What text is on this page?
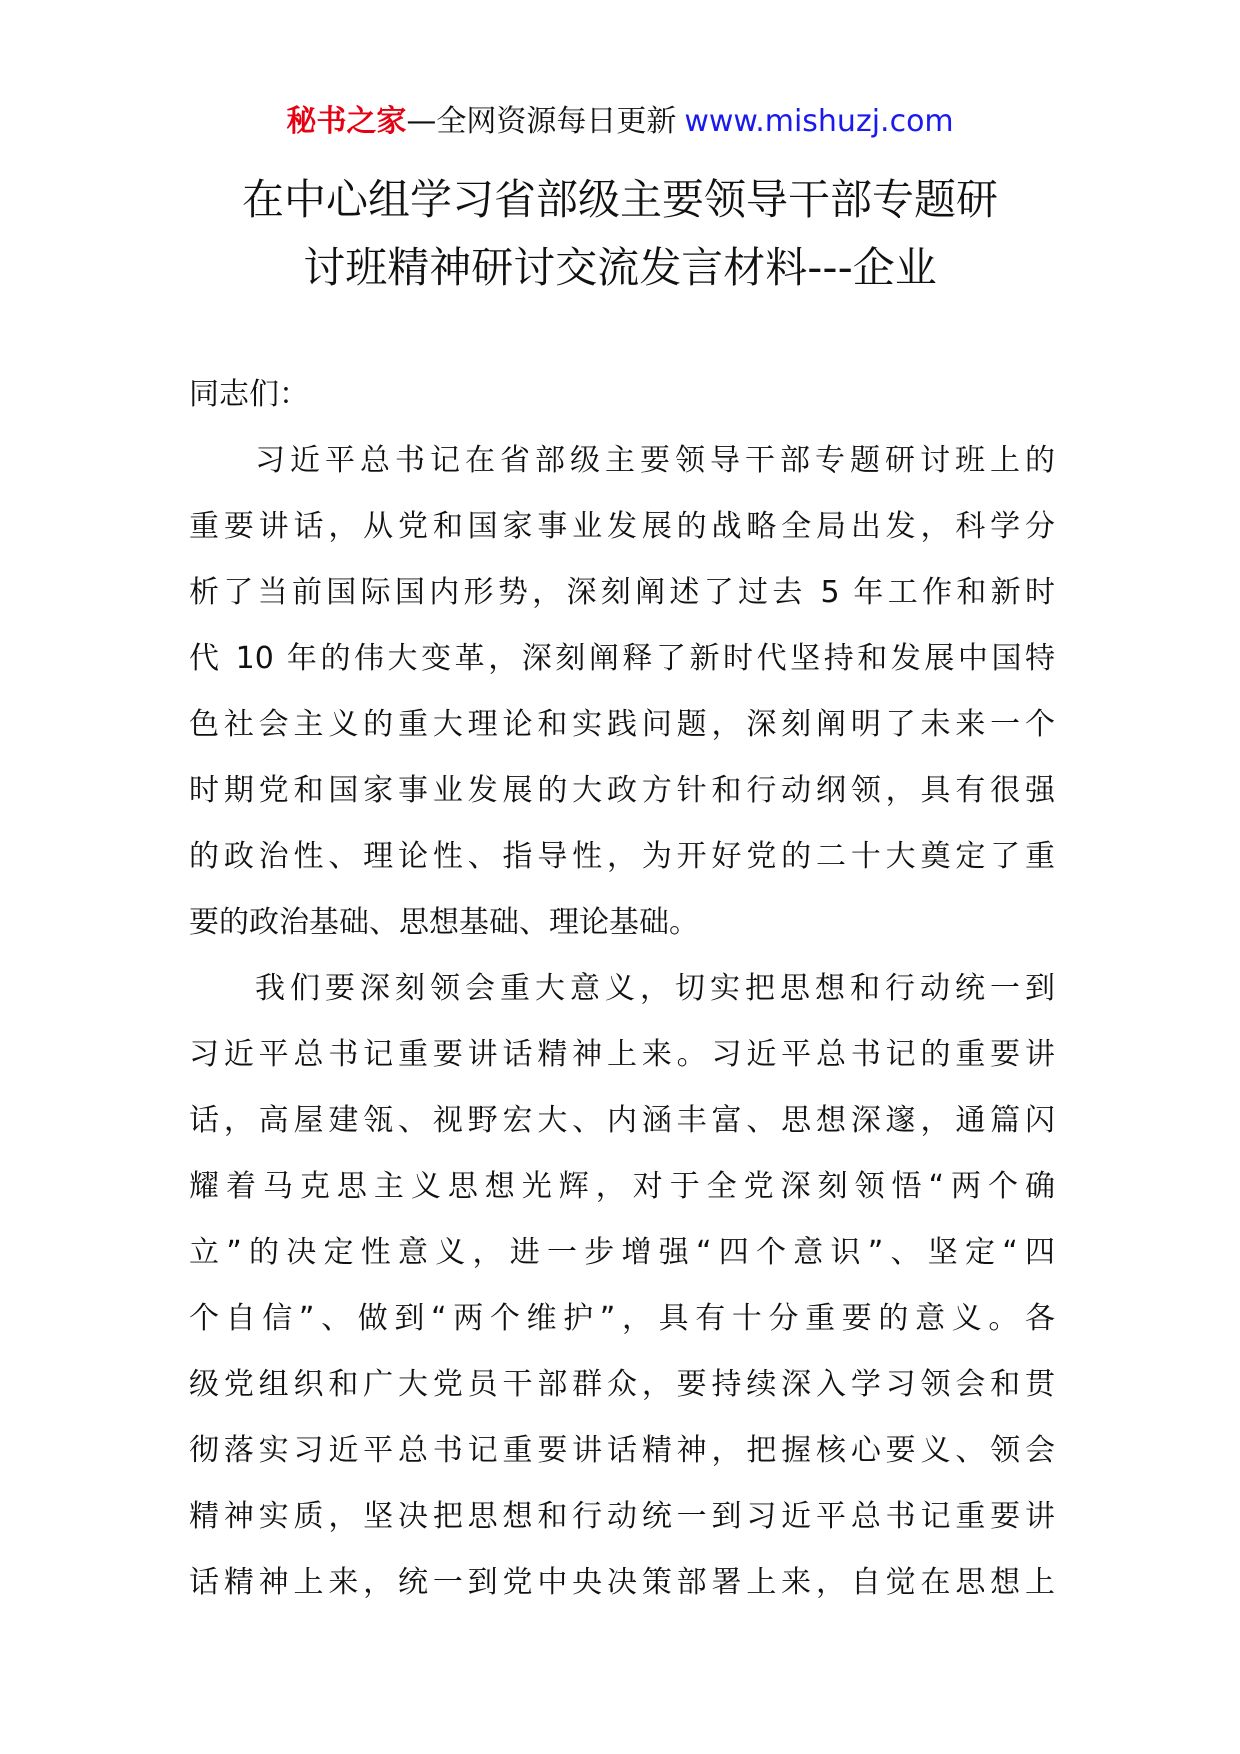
秘书之家—全网资源每日更新 www.mishuzj.com
在中心组学习省部级主要领导干部专题研
讨班精神研讨交流发言材料---企业
同志们：
习近平总书记在省部级主要领导干部专题研讨班上的
重要讲话，从党和国家事业发展的战略全局出发，科学分
析了当前国际国内形势，深刻阐述了过去 5 年工作和新时
代 10 年的伟大变革，深刻阐释了新时代坚持和发展中国特
色社会主义的重大理论和实践问题，深刻阐明了未来一个
时期党和国家事业发展的大政方针和行动纲领，具有很强
的政治性、理论性、指导性，为开好党的二十大奠定了重
要的政治基础、思想基础、理论基础。
我们要深刻领会重大意义，切实把思想和行动统一到
习近平总书记重要讲话精神上来。习近平总书记的重要讲
话，高屋建瓴、视野宏大、内涵丰富、思想深邃，通篇闪
耀着马克思主义思想光辉，对于全党深刻领悟“两个确
立”的决定性意义，进一步增强“四个意识”、坚定“四
个自信”、做到“两个维护”，具有十分重要的意义。各
级党组织和广大党员干部群众，要持续深入学习领会和贯
彻落实习近平总书记重要讲话精神，把握核心要义、领会
精神实质，坚决把思想和行动统一到习近平总书记重要讲
话精神上来，统一到党中央决策部署上来，自觉在思想上
